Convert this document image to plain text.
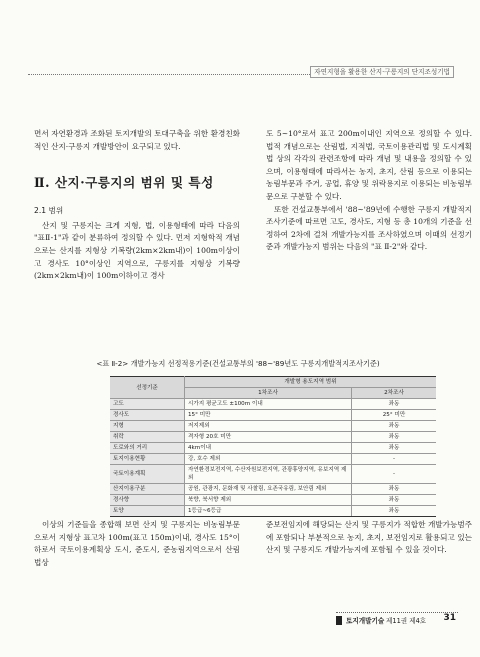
자연지형을 활용한 산지·구릉지의 단지조성기법

면서 자연환경과 조화된 토지개발의 토대구축을 위한 환경친화적인 산지·구릉지 개발방안이 요구되고 있다.

Ⅱ. 산지·구릉지의 범위 및 특성
2.1 범위

산지 및 구릉지는 크게 지형, 법, 이용형태에 따라 다음의 "표Ⅱ-1"과 같이 분류하여 정의할 수 있다. 먼저 지형학적 개념으로는 산지를 지형상 기복량(2km×2km내)이 100m이상이고 경사도 10°이상인 지역으로, 구릉지를 지형상 기복량(2km×2km내)이 100m이하이고 경사

도 5~10°로서 표고 200m이내인 지역으로 정의할 수 있다. 법적 개념으로는 산림법, 지적법, 국토이용관리법 및 도시계획법 상의 각각의 관련조항에 따라 개념 및 내용을 정의할 수 있으며, 이용형태에 따라서는 농지, 초지, 산림 등으로 이용되는 농림부문과 주거, 공업, 휴양 및 위락용지로 이용되는 비농림부문으로 구분할 수 있다.

또한 건설교통부에서 '88~'89년에 수행한 구릉지 개발적지조사기준에 따르면 고도, 경사도, 지형 등 총 10개의 기준을 선정하여 2차에 걸쳐 개발가능지를 조사하였으며 이때의 선정기준과 개발가능지 범위는 다음의 "표 Ⅱ-2"와 같다.

<표 Ⅱ-2> 개발가능지 선정적용기준(건설교통부의 '88~'89년도 구릉지개발적지조사기준)
선정기준	개발형 용도지역 범위	
	1차조사	2차조사
고도	시가지 평균고도 ±100m 이내	좌동
경사도	15° 미만	25° 미만
지형	저지제외	좌동
취락	격자형 20호 미만	좌동
도로와의 거리	4km이내	좌동
토지이용현황	강, 호수 제외	-
국토이용계획	자연환경보전지역, 수산자원보전지역, 관광휴양지역, 유보지역 제외	-
산지이용구분	공원, 관광지, 문화재 및 사찰림, 요존국유림, 보안림 제외	좌동
경사향	북향, 북서향 제외	좌동
토양	1등급~6등급	좌동

이상의 기준들을 종합해 보면 산지 및 구릉지는 비농림부문으로서 지형상 표고차 100m(표고 150m)이내, 경사도 15°이하로서 국토이용계획상 도시, 준도시, 준농림지역으로서 산림법상

준보전임지에 해당되는 산지 및 구릉지가 적합한 개발가능범주에 포함되나 부분적으로 농지, 초지, 보전임지로 활용되고 있는 산지 및 구릉지도 개발가능지에 포함될 수 있을 것이다.

토지개발기술 제11권 제4호 31
